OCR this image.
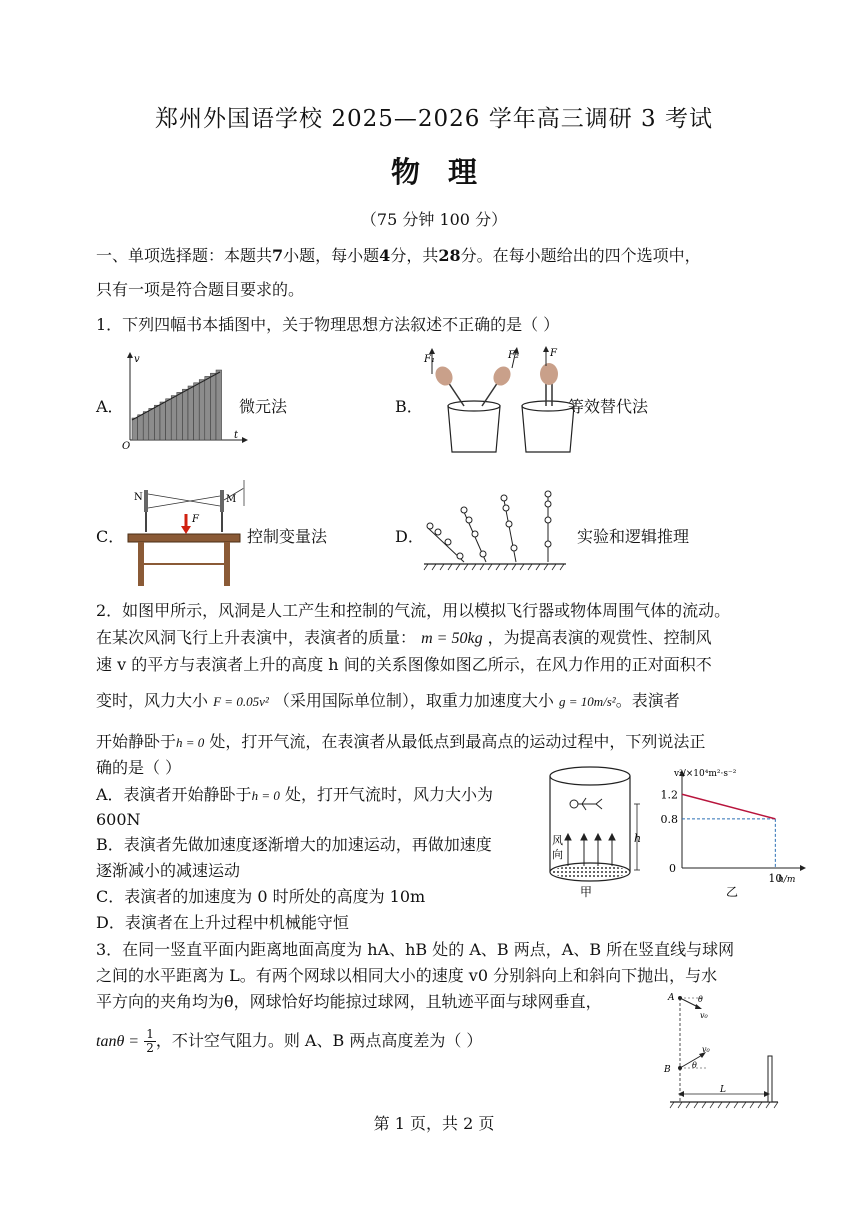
郑州外国语学校 2025—2026 学年高三调研 3 考试
物理
（75 分钟 100 分）
一、单项选择题：本题共7小题，每小题4分，共28分。在每小题给出的四个选项中，
只有一项是符合题目要求的。
1．下列四幅书本插图中，关于物理思想方法叙述不正确的是（ ）
A．
v
t
O
微元法	B．
F₁	F₂	F
等效替代法
C．
N	M
F
控制变量法	D．	实验和逻辑推理
2．如图甲所示，风洞是人工产生和控制的气流，用以模拟飞行器或物体周围气体的流动。
在某次风洞飞行上升表演中，表演者的质量： m = 50kg ，为提高表演的观赏性、控制风
速 v 的平方与表演者上升的高度 h 间的关系图像如图乙所示，在风力作用的正对面积不
变时，风力大小 F = 0.05v² （采用国际单位制），取重力加速度大小 g = 10m/s²。表演者
开始静卧于h = 0 处，打开气流，在表演者从最低点到最高点的运动过程中，下列说法正
确的是（ ）
A．表演者开始静卧于h = 0 处，打开气流时，风力大小为
600N
B．表演者先做加速度逐渐增大的加速运动，再做加速度
逐渐减小的减速运动
C．表演者的加速度为 0 时所处的高度为 10m
D．表演者在上升过程中机械能守恒
风
向
h
甲
0.8
1.2
0
10
v²/×10⁴m²·s⁻²
h/m
乙
3．在同一竖直平面内距离地面高度为 hA、hB 处的 A、B 两点，A、B 所在竖直线与球网
之间的水平距离为 L。有两个网球以相同大小的速度 v0 分别斜向上和斜向下抛出，与水
平方向的夹角均为θ，网球恰好均能掠过球网，且轨迹平面与球网垂直，
$\tan\theta = \frac{1}{2}$ ，不计空气阻力。则 A、B 两点高度差为（ ）
A	θ
v₀
B	θ
v₀
L
第 1 页，共 2 页
